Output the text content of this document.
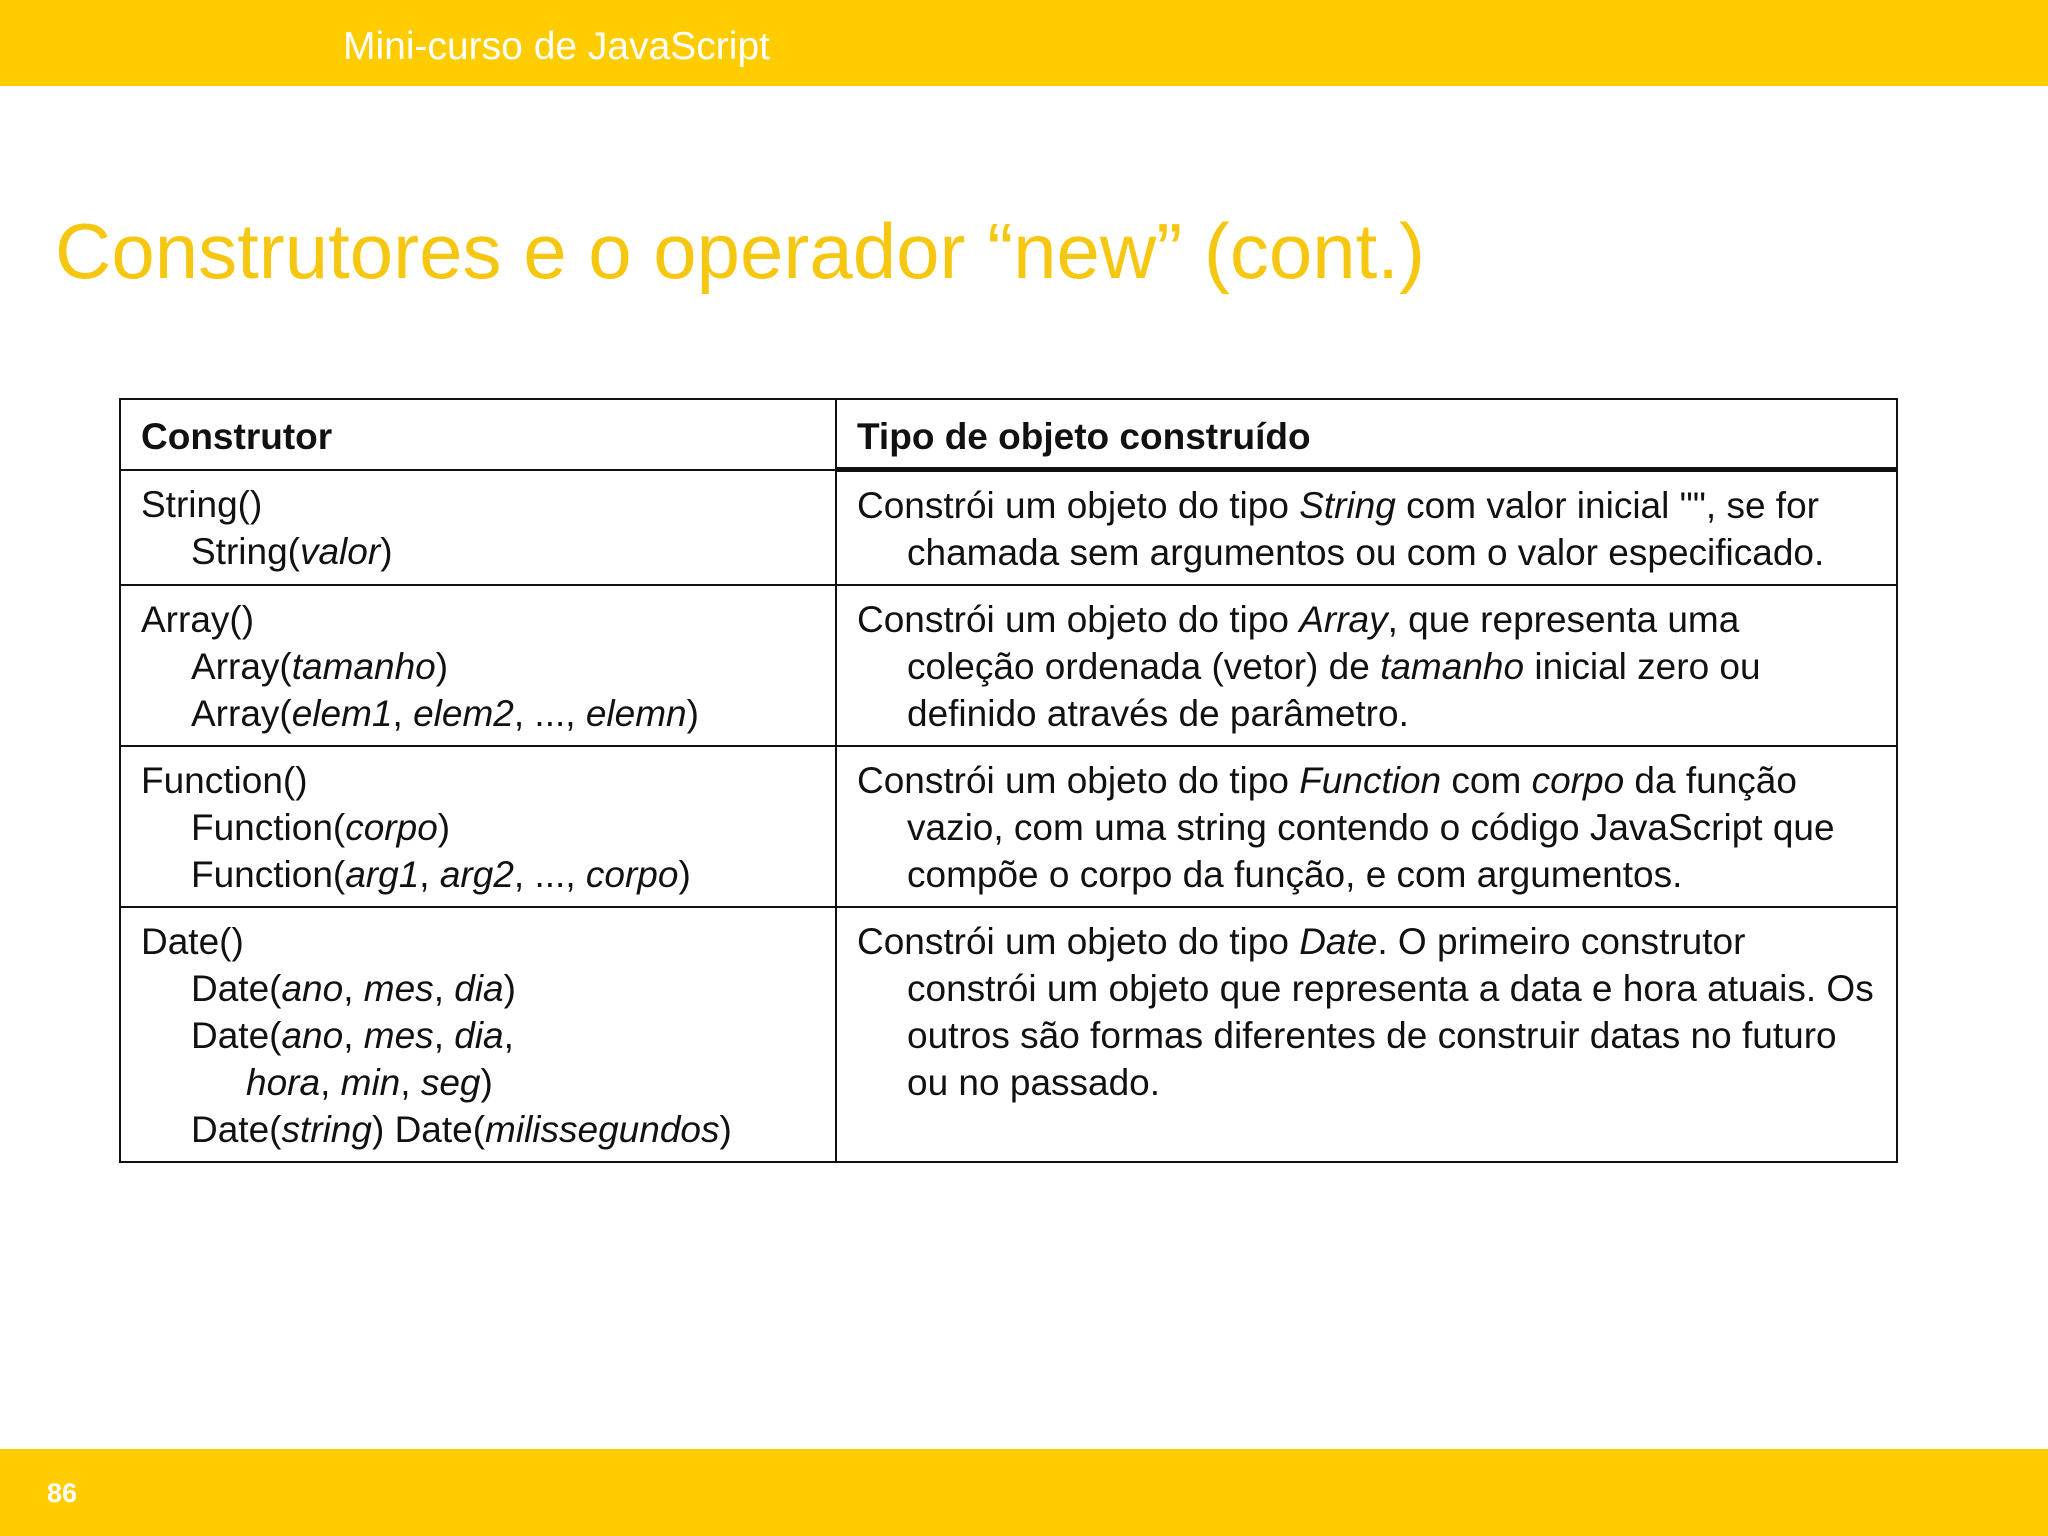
Mini-curso de JavaScript
Construtores e o operador “new” (cont.)
Construtor	Tipo de objeto construído

String()
String(valor)	Constrói um objeto do tipo String com valor inicial "", se for chamada sem argumentos ou com o valor especificado.

Array()
Array(tamanho)
Array(elem1, elem2, ..., elemn)	Constrói um objeto do tipo Array, que representa uma coleção ordenada (vetor) de tamanho inicial zero ou definido através de parâmetro.

Function()
Function(corpo)
Function(arg1, arg2, ..., corpo)	Constrói um objeto do tipo Function com corpo da função vazio, com uma string contendo o código JavaScript que compõe o corpo da função, e com argumentos.

Date()
Date(ano, mes, dia)
Date(ano, mes, dia,
hora, min, seg)
Date(string) Date(milissegundos)	Constrói um objeto do tipo Date. O primeiro construtor constrói um objeto que representa a data e hora atuais. Os outros são formas diferentes de construir datas no futuro ou no passado.
86
